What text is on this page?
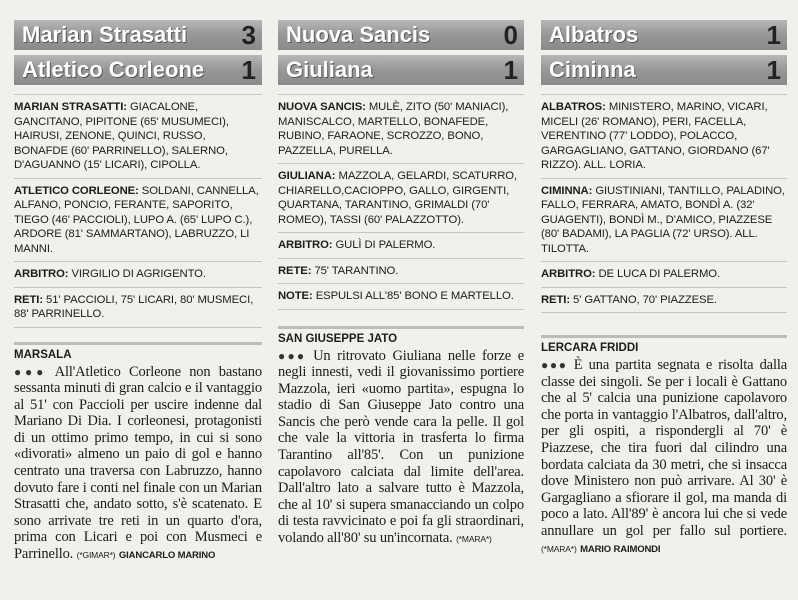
Marian Strasatti 3
Atletico Corleone 1
MARIAN STRASATTI: GIACALONE, GANCITANO, PIPITONE (65' MUSUMECI), HAIRUSI, ZENONE, QUINCI, RUSSO, BONAFDE (60' PARRINELLO), SALERNO, D'AGUANNO (15' LICARI), CIPOLLA.
ATLETICO CORLEONE: SOLDANI, CANNELLA, ALFANO, PONCIO, FERANTE, SAPORITO, TIEGO (46' PACCIOLI), LUPO A. (65' LUPO C.), ARDORE (81' SAMMARTANO), LABRUZZO, LI MANNI.
ARBITRO: VIRGILIO DI AGRIGENTO.
RETI: 51' PACCIOLI, 75' LICARI, 80' MUSMECI, 88' PARRINELLO.
MARSALA
●●● All'Atletico Corleone non bastano sessanta minuti di gran calcio e il vantaggio al 51' con Paccioli per uscire indenne dal Mariano Di Dia. I corleonesi, protagonisti di un ottimo primo tempo, in cui si sono «divorati» almeno un paio di gol e hanno centrato una traversa con Labruzzo, hanno dovuto fare i conti nel finale con un Marian Strasatti che, andato sotto, s'è scatenato. E sono arrivate tre reti in un quarto d'ora, prima con Licari e poi con Musmeci e Parrinello. (*GIMAR*) GIANCARLO MARINO
Nuova Sancis	0
Giuliana	1
NUOVA SANCIS: MULÈ, ZITO (50' MANIACI), MANISCALCO, MARTELLO, BONAFEDE, RUBINO, FARAONE, SCROZZO, BONO, PAZZELLA, PURELLA.
GIULIANA: MAZZOLA, GELARDI, SCATURRO, CHIARELLO,CACIOPPO, GALLO, GIRGENTI, QUARTANA, TARANTINO, GRIMALDI (70' ROMEO), TASSI (60' PALAZZOTTO).
ARBITRO: GULÌ DI PALERMO.
RETE: 75' TARANTINO.
NOTE: ESPULSI ALL'85' BONO E MARTELLO.
SAN GIUSEPPE JATO
●●● Un ritrovato Giuliana nelle forze e negli innesti, vedi il giovanissimo portiere Mazzola, ieri «uomo partita», espugna lo stadio di San Giuseppe Jato contro una Sancis che però vende cara la pelle. Il gol che vale la vittoria in trasferta lo firma Tarantino all'85'. Con un punizione capolavoro calciata dal limite dell'area. Dall'altro lato a salvare tutto è Mazzola, che al 10' si supera smanacciando un colpo di testa ravvicinato e poi fa gli straordinari, volando all'80' su un'incornata. (*MARA*)
Albatros	1
Ciminna	1
ALBATROS: MINISTERO, MARINO, VICARI, MICELI (26' ROMANO), PERI, FACELLA, VERENTINO (77' LODDO), POLACCO, GARGAGLIANO, GATTANO, GIORDANO (67' RIZZO). ALL. LORIA.
CIMINNA: GIUSTINIANI, TANTILLO, PALADINO, FALLO, FERRARA, AMATO, BONDÌ A. (32' GUAGENTI), BONDÌ M., D'AMICO, PIAZZESE (80' BADAMI), LA PAGLIA (72' URSO). ALL. TILOTTA.
ARBITRO: DE LUCA DI PALERMO.
RETI: 5' GATTANO, 70' PIAZZESE.
LERCARA FRIDDI
●●● È una partita segnata e risolta dalla classe dei singoli. Se per i locali è Gattano che al 5' calcia una punizione capolavoro che porta in vantaggio l'Albatros, dall'altro, per gli ospiti, a rispondergli al 70' è Piazzese, che tira fuori dal cilindro una bordata calciata da 30 metri, che si insacca dove Ministero non può arrivare. Al 30' è Gargagliano a sfiorare il gol, ma manda di poco a lato. All'89' è ancora lui che si vede annullare un gol per fallo sul portiere. (*MARA*) MARIO RAIMONDI
